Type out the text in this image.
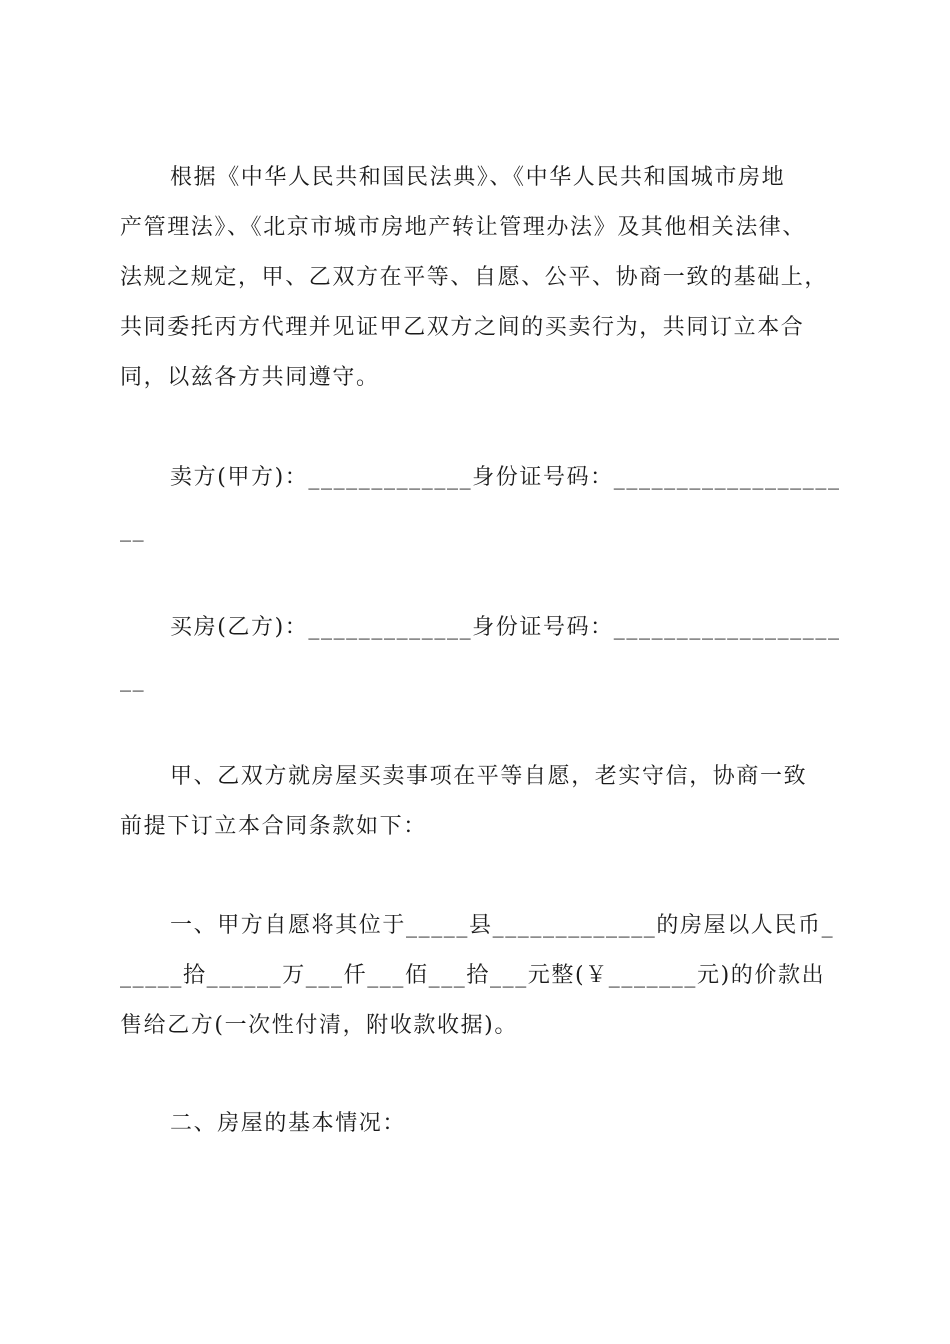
根据《中华人民共和国民法典》、《中华人民共和国城市房地
产管理法》、《北京市城市房地产转让管理办法》及其他相关法律、
法规之规定，甲、乙双方在平等、自愿、公平、协商一致的基础上，
共同委托丙方代理并见证甲乙双方之间的买卖行为，共同订立本合
同，以兹各方共同遵守。
卖方(甲方)：_____________身份证号码：__________________
__
买房(乙方)：_____________身份证号码：__________________
__
甲、乙双方就房屋买卖事项在平等自愿，老实守信，协商一致
前提下订立本合同条款如下：
一、甲方自愿将其位于_____县_____________的房屋以人民币_
_____拾______万___仟___佰___拾___元整(￥_______元)的价款出
售给乙方(一次性付清，附收款收据)。
二、房屋的基本情况：
